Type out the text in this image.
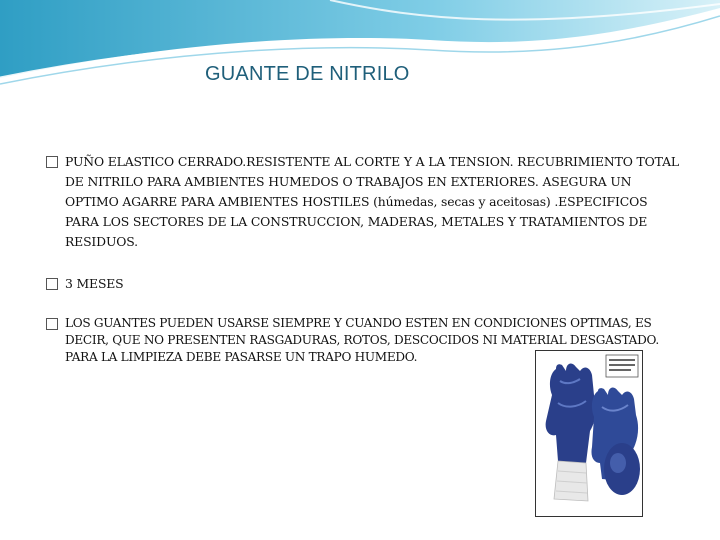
GUANTE DE NITRILO
PUÑO ELASTICO CERRADO.RESISTENTE AL CORTE Y A LA TENSION. RECUBRIMIENTO TOTAL DE NITRILO PARA AMBIENTES HUMEDOS O TRABAJOS EN EXTERIORES. ASEGURA UN OPTIMO AGARRE PARA AMBIENTES HOSTILES (húmedas, secas y aceitosas) .ESPECIFICOS PARA LOS SECTORES DE LA CONSTRUCCION, MADERAS, METALES Y TRATAMIENTOS DE RESIDUOS.
3 MESES
LOS GUANTES PUEDEN USARSE SIEMPRE Y CUANDO ESTEN EN CONDICIONES OPTIMAS, ES DECIR, QUE NO PRESENTEN RASGADURAS, ROTOS, DESCOCIDOS NI MATERIAL DESGASTADO. PARA LA LIMPIEZA DEBE PASARSE UN TRAPO HUMEDO.
